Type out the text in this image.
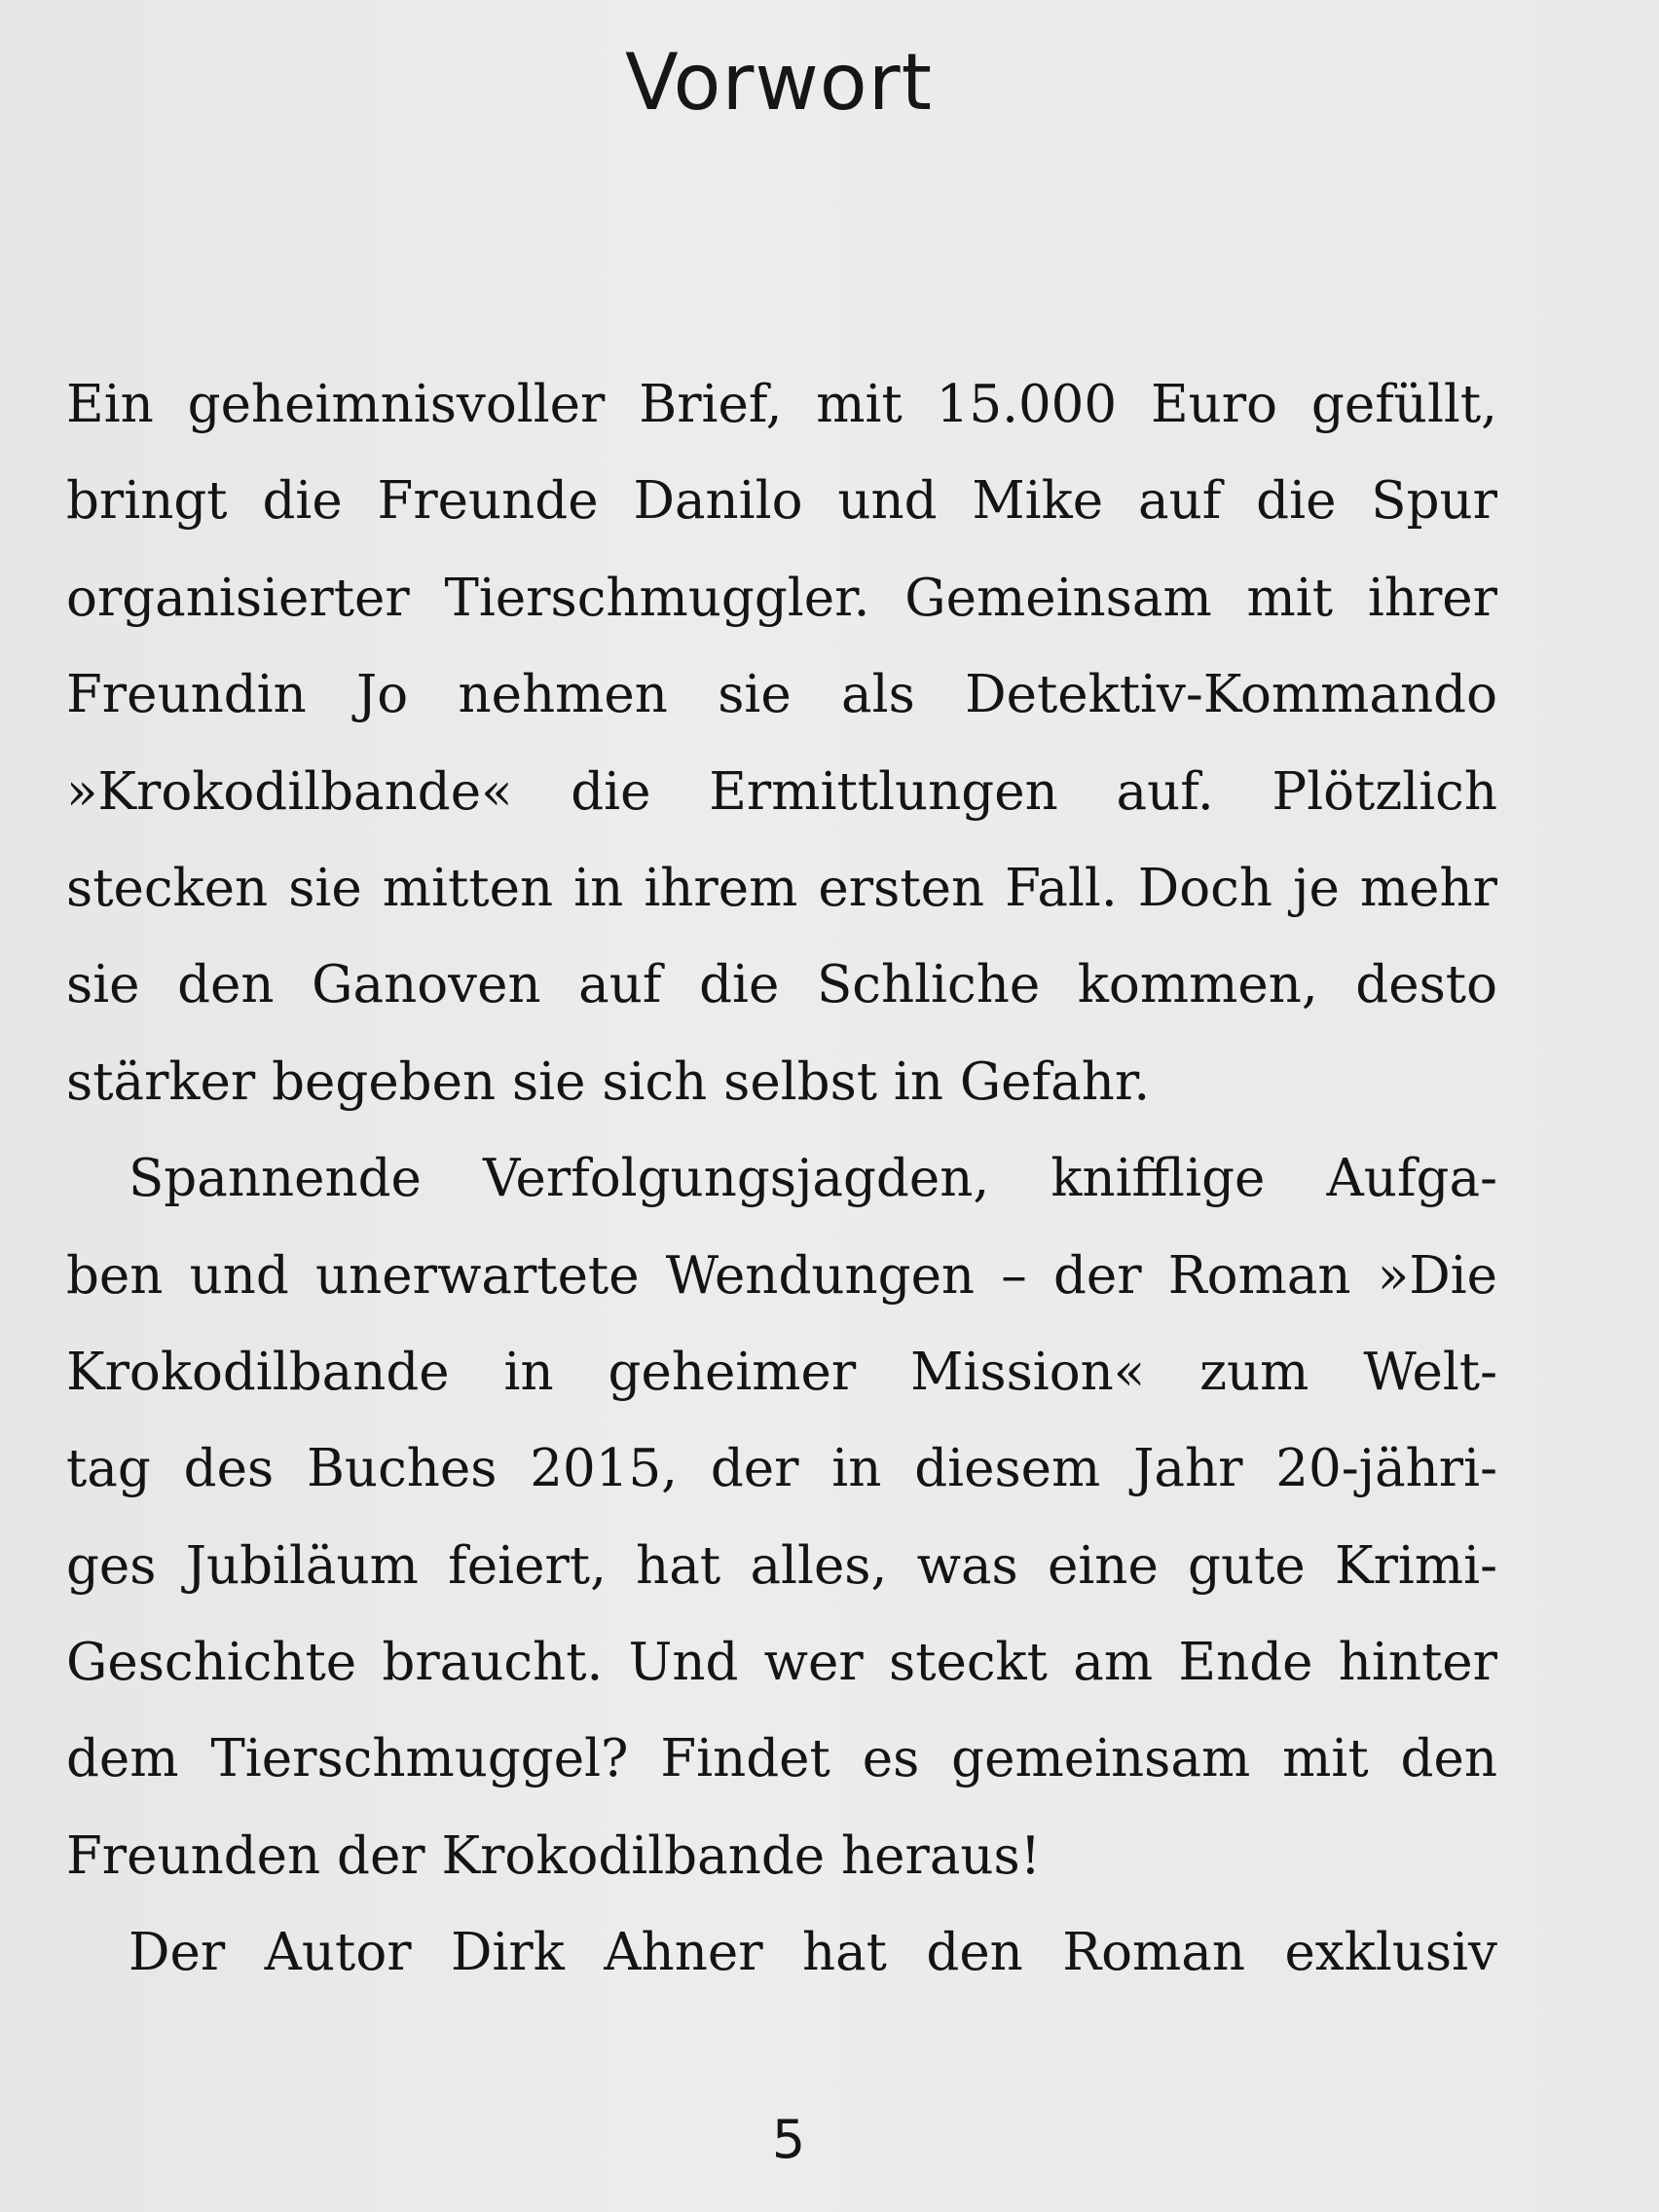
Vorwort
Ein geheimnisvoller Brief, mit 15.000 Euro gefüllt,
bringt die Freunde Danilo und Mike auf die Spur
organisierter Tierschmuggler. Gemeinsam mit ihrer
Freundin Jo nehmen sie als Detektiv-Kommando
»Krokodilbande« die Ermittlungen auf. Plötzlich
stecken sie mitten in ihrem ersten Fall. Doch je mehr
sie den Ganoven auf die Schliche kommen, desto
stärker begeben sie sich selbst in Gefahr.
Spannende Verfolgungsjagden, knifflige Aufga-
ben und unerwartete Wendungen – der Roman »Die
Krokodilbande in geheimer Mission« zum Welt-
tag des Buches 2015, der in diesem Jahr 20-jähri-
ges Jubiläum feiert, hat alles, was eine gute Krimi-
Geschichte braucht. Und wer steckt am Ende hinter
dem Tierschmuggel? Findet es gemeinsam mit den
Freunden der Krokodilbande heraus!
Der Autor Dirk Ahner hat den Roman exklusiv
5
